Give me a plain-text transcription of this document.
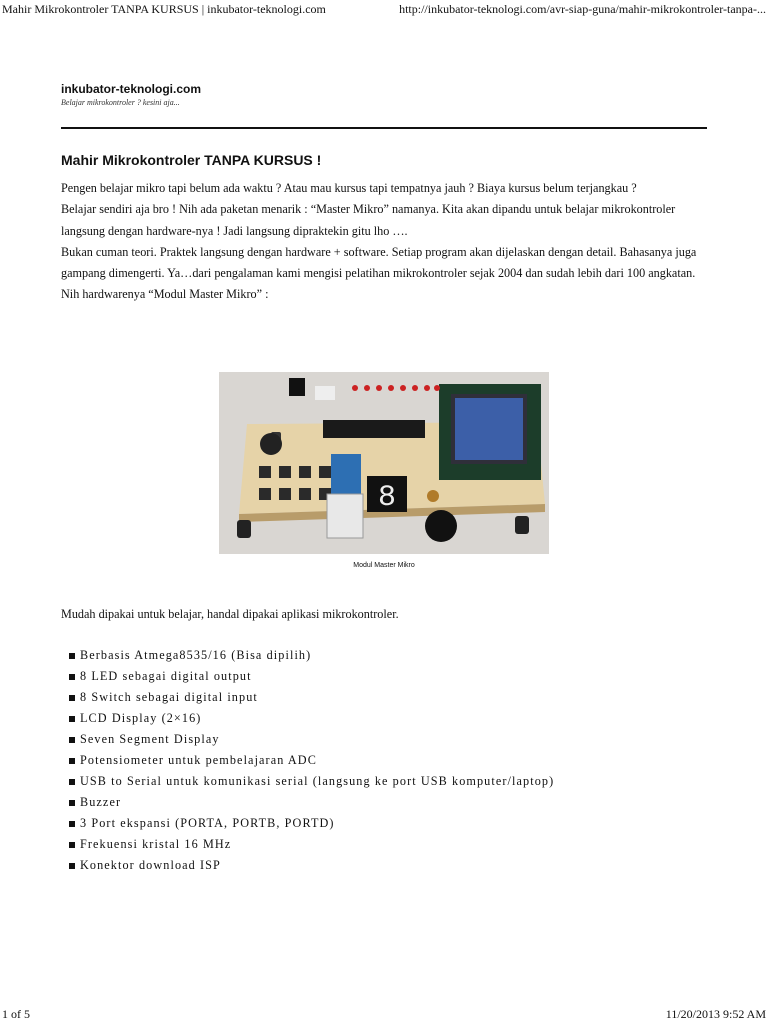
Mahir Mikrokontroler TANPA KURSUS | inkubator-teknologi.com	http://inkubator-teknologi.com/avr-siap-guna/mahir-mikrokontroler-tanpa-...
inkubator-teknologi.com
Belajar mikrokontroler ? kesini aja...
Mahir Mikrokontroler TANPA KURSUS !

Pengen belajar mikro tapi belum ada waktu ? Atau mau kursus tapi tempatnya jauh ? Biaya kursus belum terjangkau ?

Belajar sendiri aja bro ! Nih ada paketan menarik : “Master Mikro” namanya. Kita akan dipandu untuk belajar mikrokontroler langsung dengan hardware-nya ! Jadi langsung dipraktekin gitu lho ….

Bukan cuman teori. Praktek langsung dengan hardware + software. Setiap program akan dijelaskan dengan detail. Bahasanya juga gampang dimengerti. Ya…dari pengalaman kami mengisi pelatihan mikrokontroler sejak 2004 dan sudah lebih dari 100 angkatan.

Nih hardwarenya “Modul Master Mikro” :

8
Modul Master Mikro
Mudah dipakai untuk belajar, handal dipakai aplikasi mikrokontroler.
Berbasis Atmega8535/16 (Bisa dipilih)
8 LED sebagai digital output
8 Switch sebagai digital input
LCD Display (2×16)
Seven Segment Display
Potensiometer untuk pembelajaran ADC
USB to Serial untuk komunikasi serial (langsung ke port USB komputer/laptop)
Buzzer
3 Port ekspansi (PORTA, PORTB, PORTD)
Frekuensi kristal 16 MHz
Konektor download ISP
1 of 5	11/20/2013 9:52 AM
